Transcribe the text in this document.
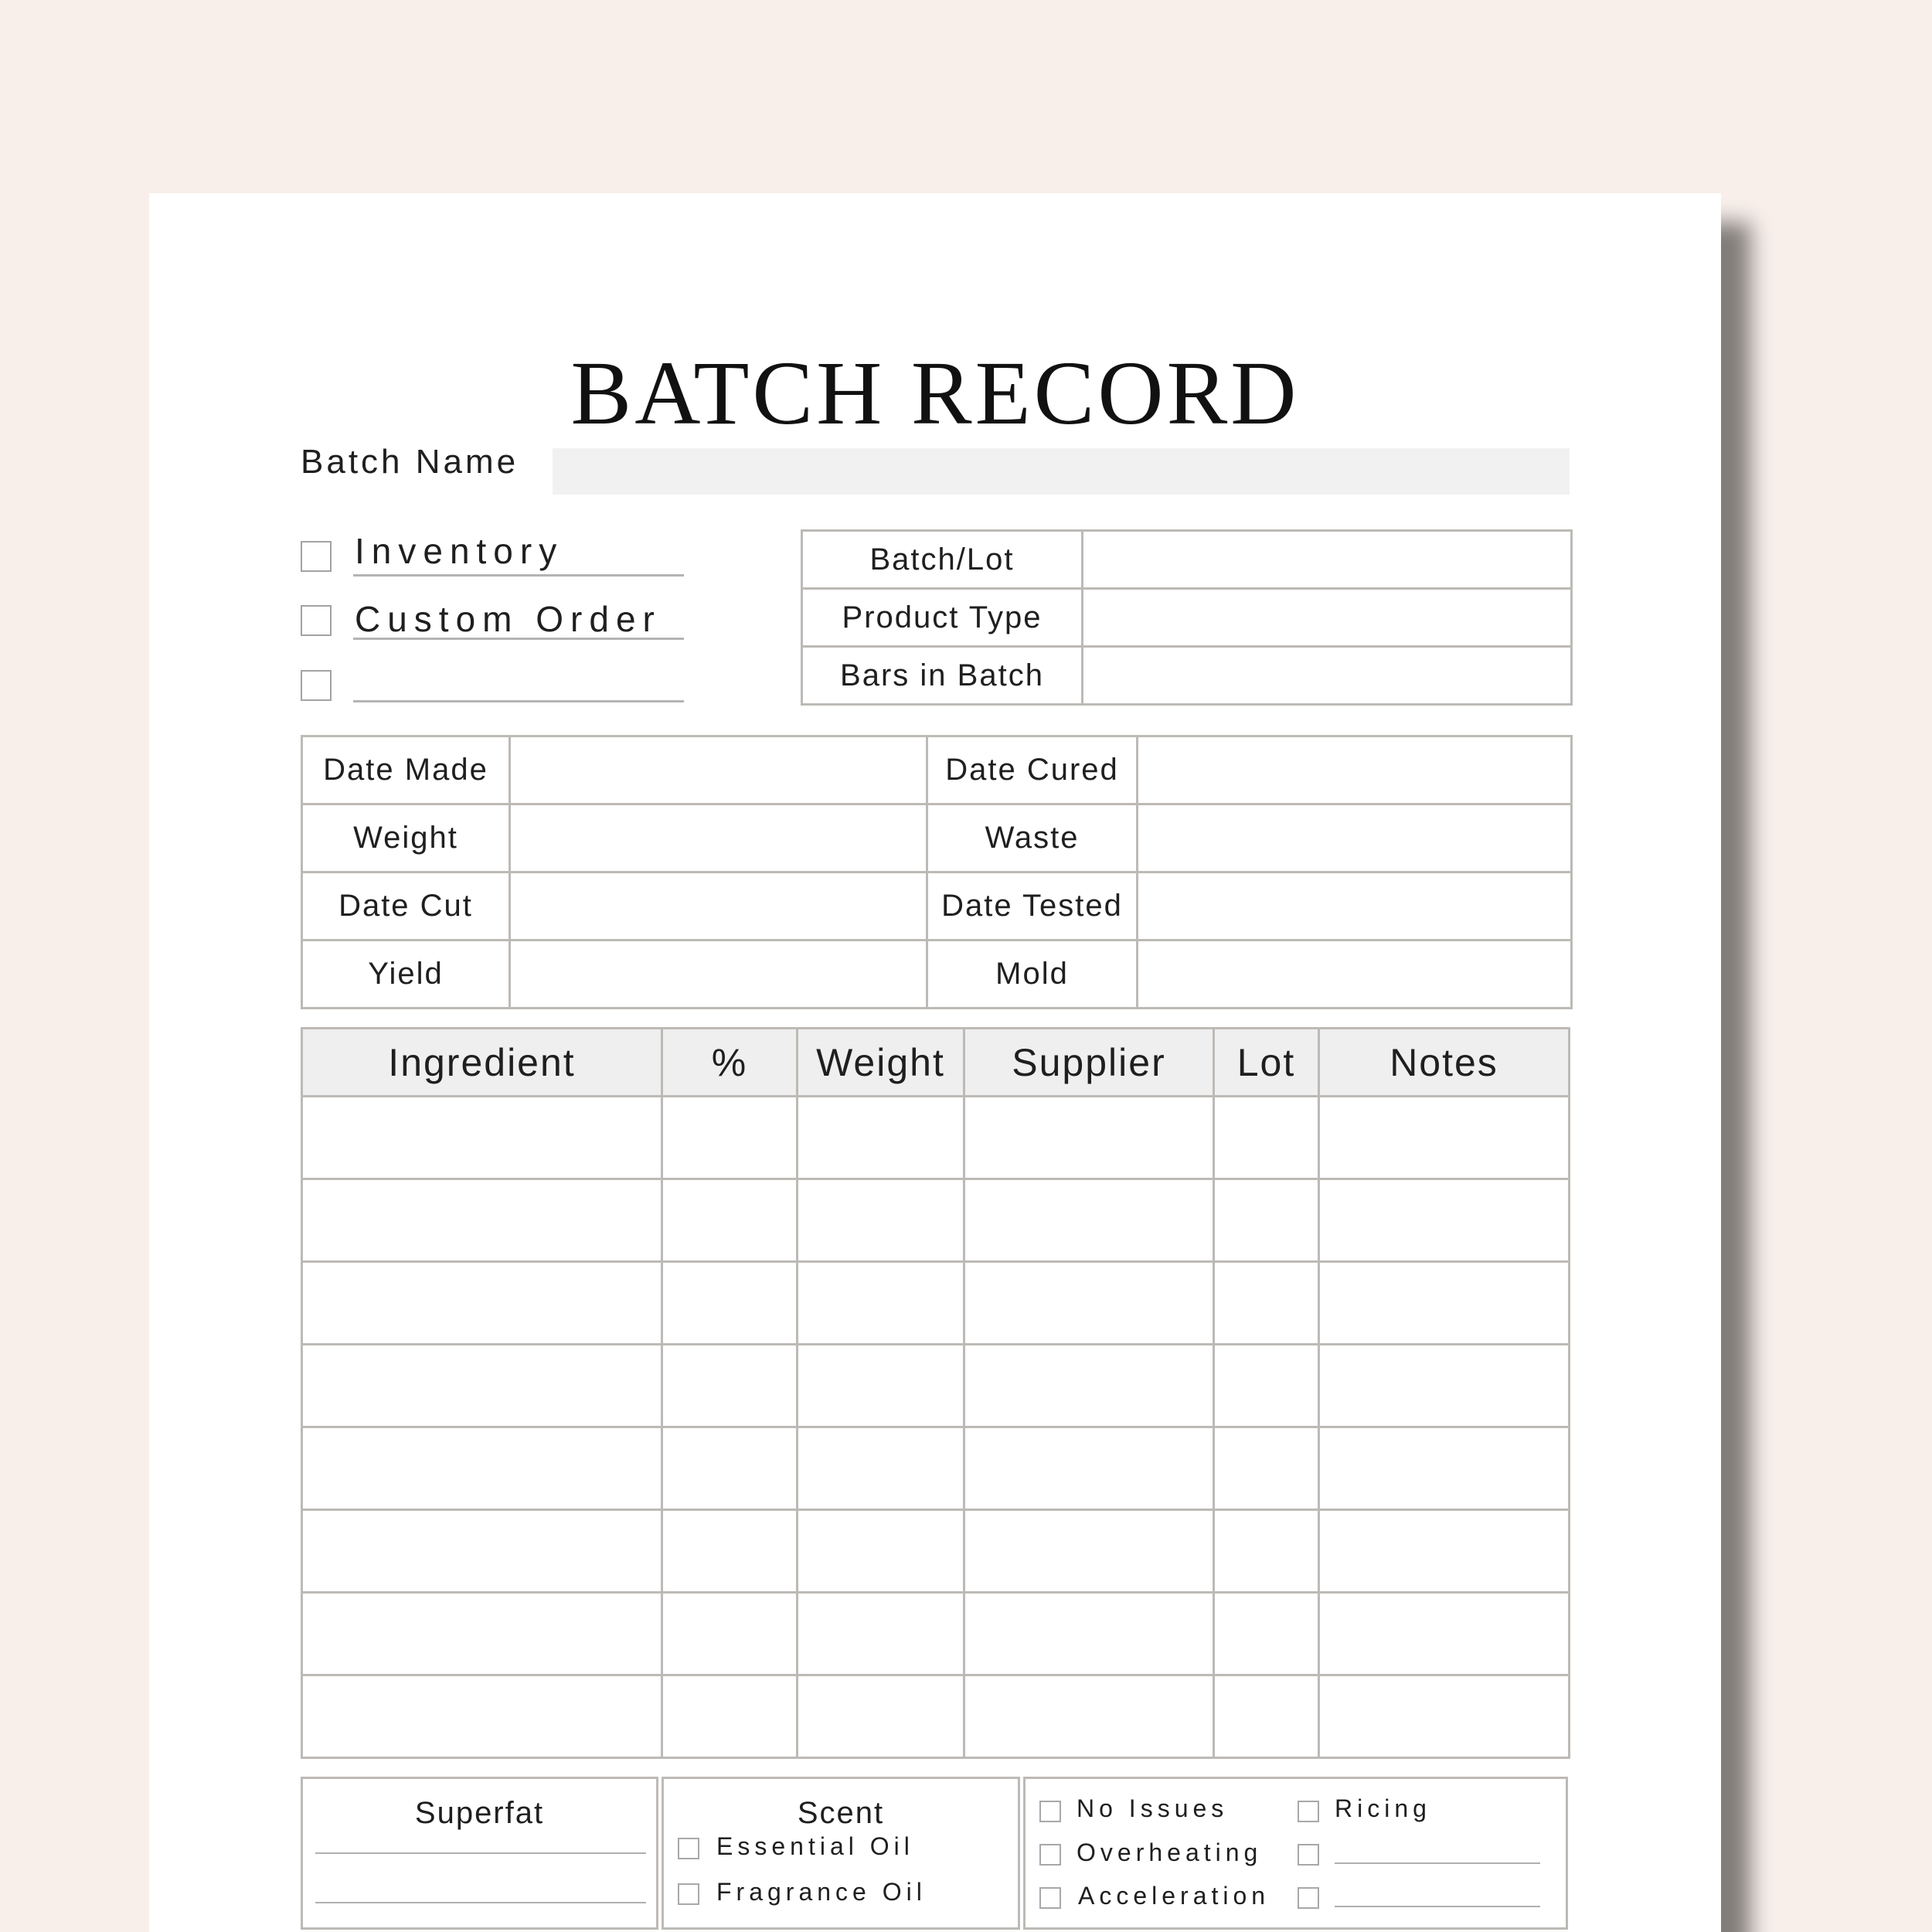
BATCH RECORD
Batch Name
Inventory
Custom Order
Batch/Lot	
Product Type	
Bars in Batch	
Date Made		Date Cured	
Weight		Waste	
Date Cut		Date Tested	
Yield		Mold	
Ingredient	%	Weight	Supplier	Lot	Notes

Superfat	Scent
Essential Oil
Fragrance Oil
No Issues
Overheating
Acceleration
Ricing
